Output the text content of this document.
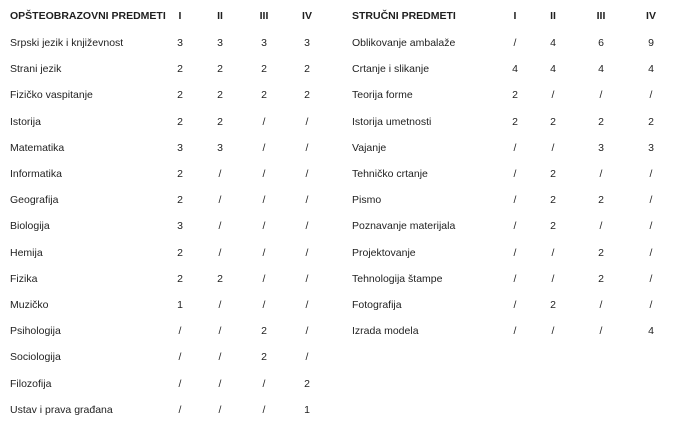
OPŠTEOBRAZOVNI PREDMETI	I	II	III	IV
Srpski jezik i književnost	3	3	3	3
Strani jezik	2	2	2	2
Fizičko vaspitanje	2	2	2	2
Istorija	2	2	/	/
Matematika	3	3	/	/
Informatika	2	/	/	/
Geografija	2	/	/	/
Biologija	3	/	/	/
Hemija	2	/	/	/
Fizika	2	2	/	/
Muzičko	1	/	/	/
Psihologija	/	/	2	/
Sociologija	/	/	2	/
Filozofija	/	/	/	2
Ustav i prava građana	/	/	/	1
STRUČNI PREDMETI	I	II	III	IV
Oblikovanje ambalaže	/	4	6	9
Crtanje i slikanje	4	4	4	4
Teorija forme	2	/	/	/
Istorija umetnosti	2	2	2	2
Vajanje	/	/	3	3
Tehničko crtanje	/	2	/	/
Pismo	/	2	2	/
Poznavanje materijala	/	2	/	/
Projektovanje	/	/	2	/
Tehnologija štampe	/	/	2	/
Fotografija	/	2	/	/
Izrada modela	/	/	/	4
